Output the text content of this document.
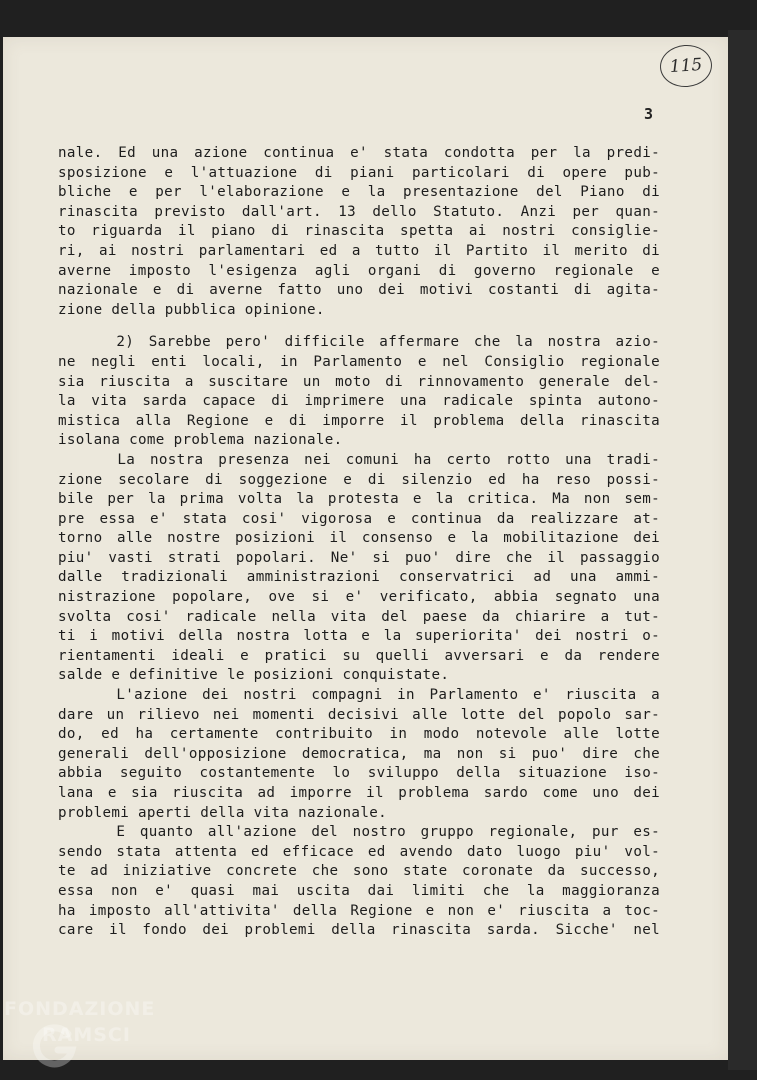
115
3
nale. Ed una azione continua e' stata condotta per la predi-
sposizione e l'attuazione di piani particolari di opere pub-
bliche e per l'elaborazione e la presentazione del Piano di
rinascita previsto dall'art. 13 dello Statuto. Anzi per quan-
to riguarda il piano di rinascita spetta ai nostri consiglie-
ri, ai nostri parlamentari ed a tutto il Partito il merito di
averne imposto l'esigenza agli organi di governo regionale e
nazionale e di averne fatto uno dei motivi costanti di agita-
zione della pubblica opinione.
2) Sarebbe pero' difficile affermare che la nostra azio-
ne negli enti locali, in Parlamento e nel Consiglio regionale
sia riuscita a suscitare un moto di rinnovamento generale del-
la vita sarda capace di imprimere una radicale spinta autono-
mistica alla Regione e di imporre il problema della rinascita
isolana come problema nazionale.
La nostra presenza nei comuni ha certo rotto una tradi-
zione secolare di soggezione e di silenzio ed ha reso possi-
bile per la prima volta la protesta e la critica. Ma non sem-
pre essa e' stata cosi' vigorosa e continua da realizzare at-
torno alle nostre posizioni il consenso e la mobilitazione dei
piu' vasti strati popolari. Ne' si puo' dire che il passaggio
dalle tradizionali amministrazioni conservatrici ad una ammi-
nistrazione popolare, ove si e' verificato, abbia segnato una
svolta cosi' radicale nella vita del paese da chiarire a tut-
ti i motivi della nostra lotta e la superiorita' dei nostri o-
rientamenti ideali e pratici su quelli avversari e da rendere
salde e definitive le posizioni conquistate.
L'azione dei nostri compagni in Parlamento e' riuscita a
dare un rilievo nei momenti decisivi alle lotte del popolo sar-
do, ed ha certamente contribuito in modo notevole alle lotte
generali dell'opposizione democratica, ma non si puo' dire che
abbia seguito costantemente lo sviluppo della situazione iso-
lana e sia riuscita ad imporre il problema sardo come uno dei
problemi aperti della vita nazionale.
E quanto all'azione del nostro gruppo regionale, pur es-
sendo stata attenta ed efficace ed avendo dato luogo piu' vol-
te ad iniziative concrete che sono state coronate da successo,
essa non e' quasi mai uscita dai limiti che la maggioranza
ha imposto all'attivita' della Regione e non e' riuscita a toc-
care il fondo dei problemi della rinascita sarda. Sicche' nel
FONDAZIONE
RAMSCI
